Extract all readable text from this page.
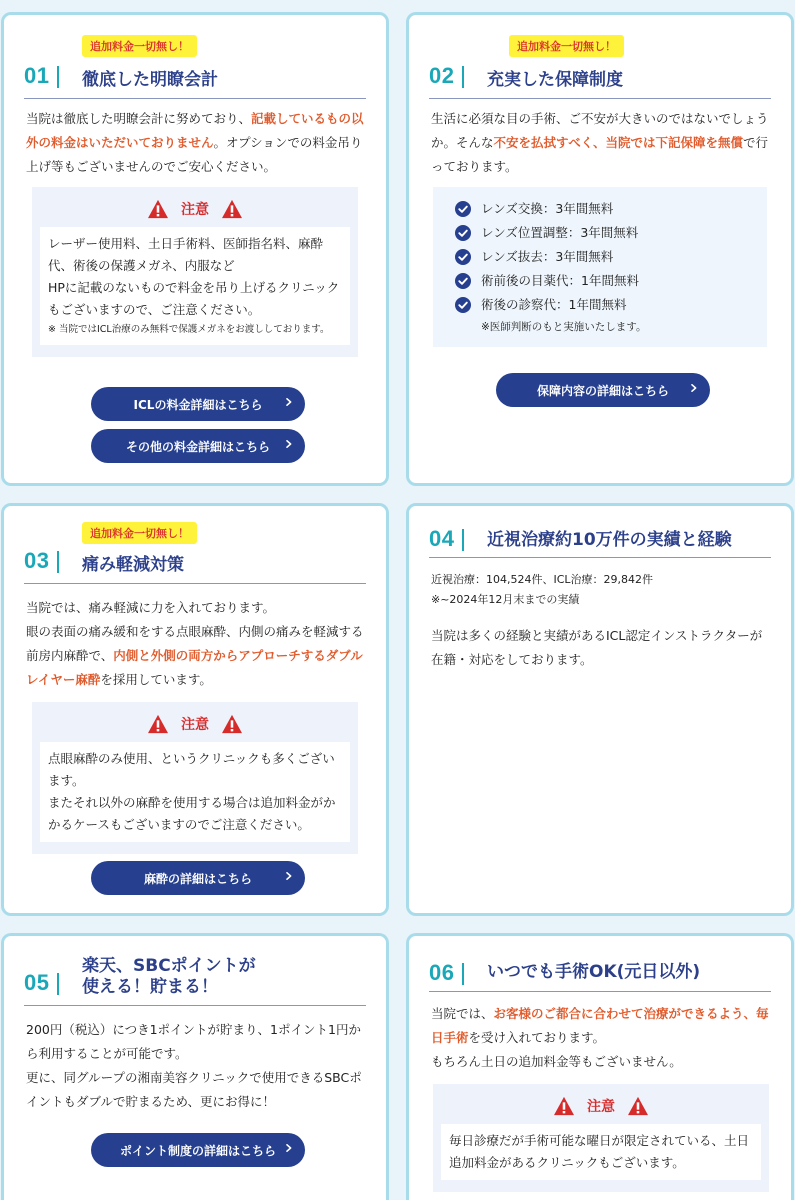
追加料金一切無し！
01 徹底した明瞭会計

当院は徹底した明瞭会計に努めており、記載しているもの以外の料金はいただいておりません。オプションでの料金吊り上げ等もございませんのでご安心ください。

注意
レーザー使用料、土日手術料、医師指名料、麻酔代、術後の保護メガネ、内服など
HPに記載のないもので料金を吊り上げるクリニックもございますので、ご注意ください。
※ 当院ではICL治療のみ無料で保護メガネをお渡ししております。
ICLの料金詳細はこちら
その他の料金詳細はこちら
追加料金一切無し！
02 充実した保障制度

生活に必須な目の手術、ご不安が大きいのではないでしょうか。そんな不安を払拭すべく、当院では下記保障を無償で行っております。

レンズ交換：3年間無料
レンズ位置調整：3年間無料
レンズ抜去：3年間無料
術前後の目薬代：1年間無料
術後の診察代：1年間無料
※医師判断のもと実施いたします。
保障内容の詳細はこちら
追加料金一切無し！
03 痛み軽減対策

当院では、痛み軽減に力を入れております。
眼の表面の痛み緩和をする点眼麻酔、内側の痛みを軽減する前房内麻酔で、内側と外側の両方からアプローチするダブルレイヤー麻酔を採用しています。

注意
点眼麻酔のみ使用、というクリニックも多くございます。
またそれ以外の麻酔を使用する場合は追加料金がかかるケースもございますのでご注意ください。
麻酔の詳細はこちら
04 近視治療約10万件の実績と経験
近視治療：104,524件、ICL治療：29,842件
※~2024年12月末までの実績

当院は多くの経験と実績があるICL認定インストラクターが在籍・対応をしております。

05
楽天、SBCポイントが
使える！貯まる！

200円（税込）につき1ポイントが貯まり、1ポイント1円から利用することが可能です。
更に、同グループの湘南美容クリニックで使用できるSBCポイントもダブルで貯まるため、更にお得に！

ポイント制度の詳細はこちら
06 いつでも手術OK(元日以外)

当院では、お客様のご都合に合わせて治療ができるよう、毎日手術を受け入れております。
もちろん土日の追加料金等もございません。

注意
毎日診療だが手術可能な曜日が限定されている、土日追加料金があるクリニックもございます。
